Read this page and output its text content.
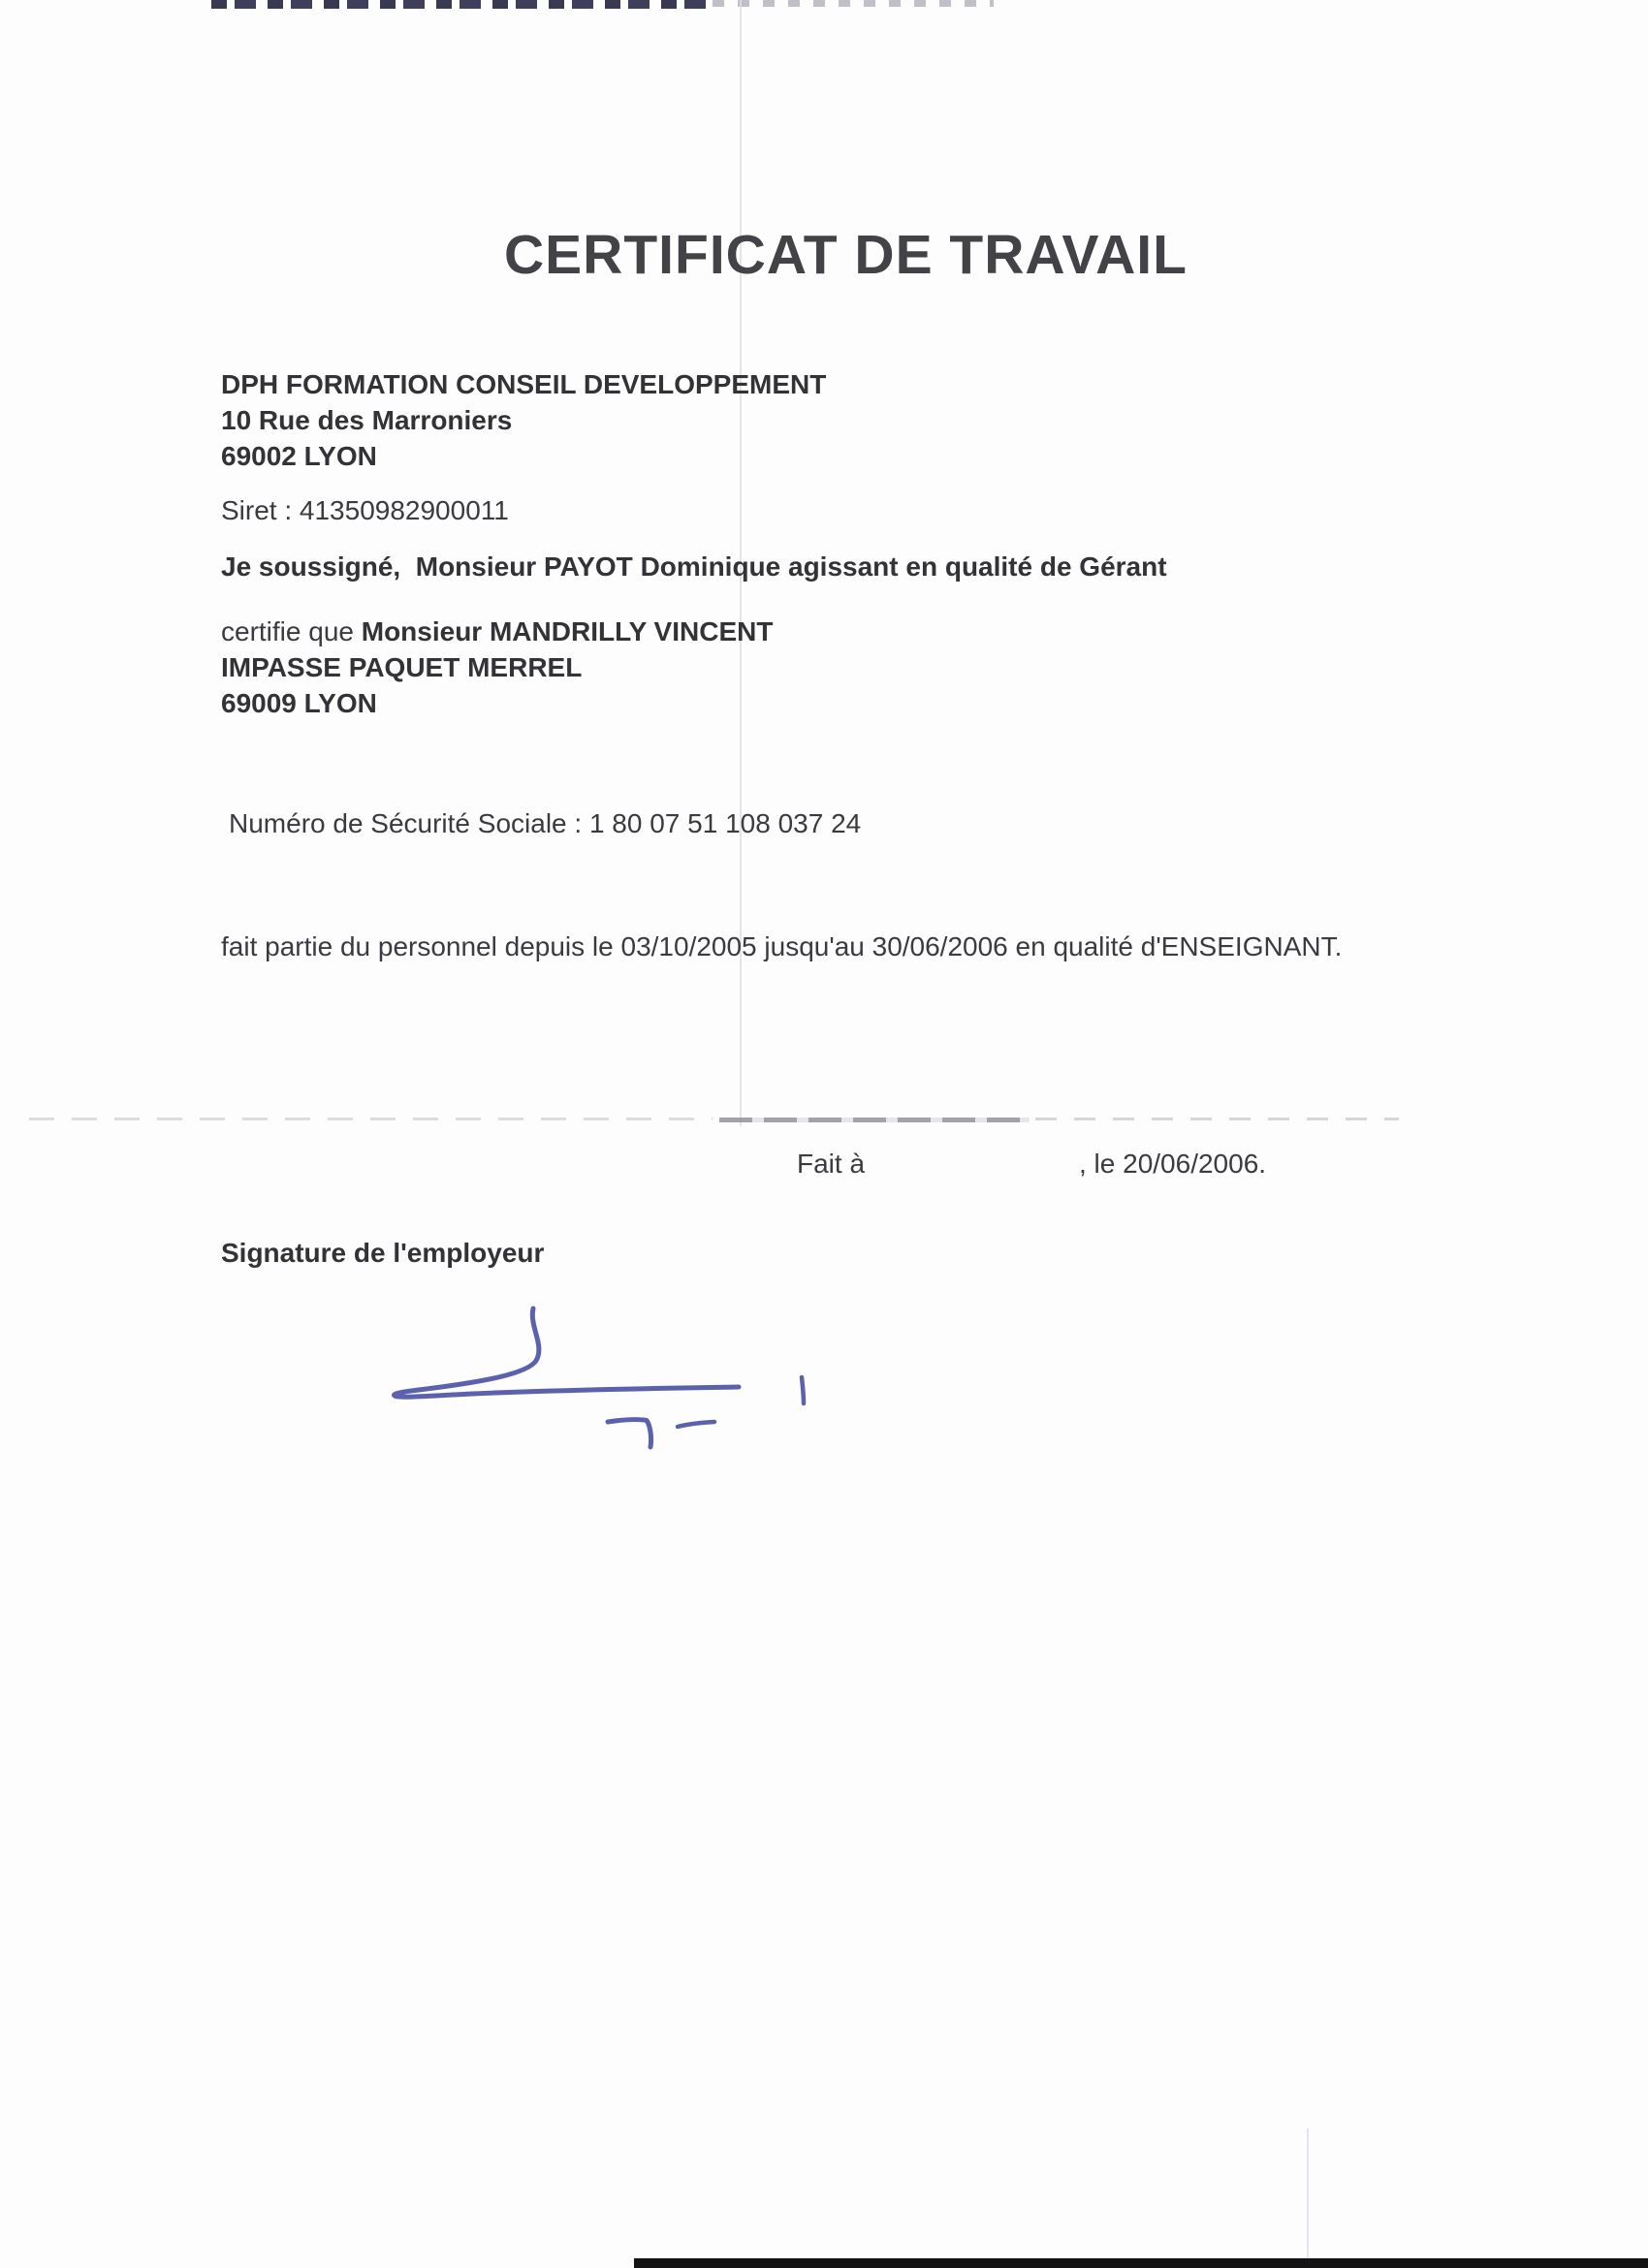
CERTIFICAT DE TRAVAIL
DPH FORMATION CONSEIL DEVELOPPEMENT
10 Rue des Marroniers
69002 LYON
Siret : 41350982900011
Je soussigné,  Monsieur PAYOT Dominique agissant en qualité de Gérant
certifie que Monsieur MANDRILLY VINCENT
IMPASSE PAQUET MERREL
69009 LYON
Numéro de Sécurité Sociale : 1 80 07 51 108 037 24
fait partie du personnel depuis le 03/10/2005 jusqu'au 30/06/2006 en qualité d'ENSEIGNANT.
Fait à	, le 20/06/2006.
Signature de l'employeur
